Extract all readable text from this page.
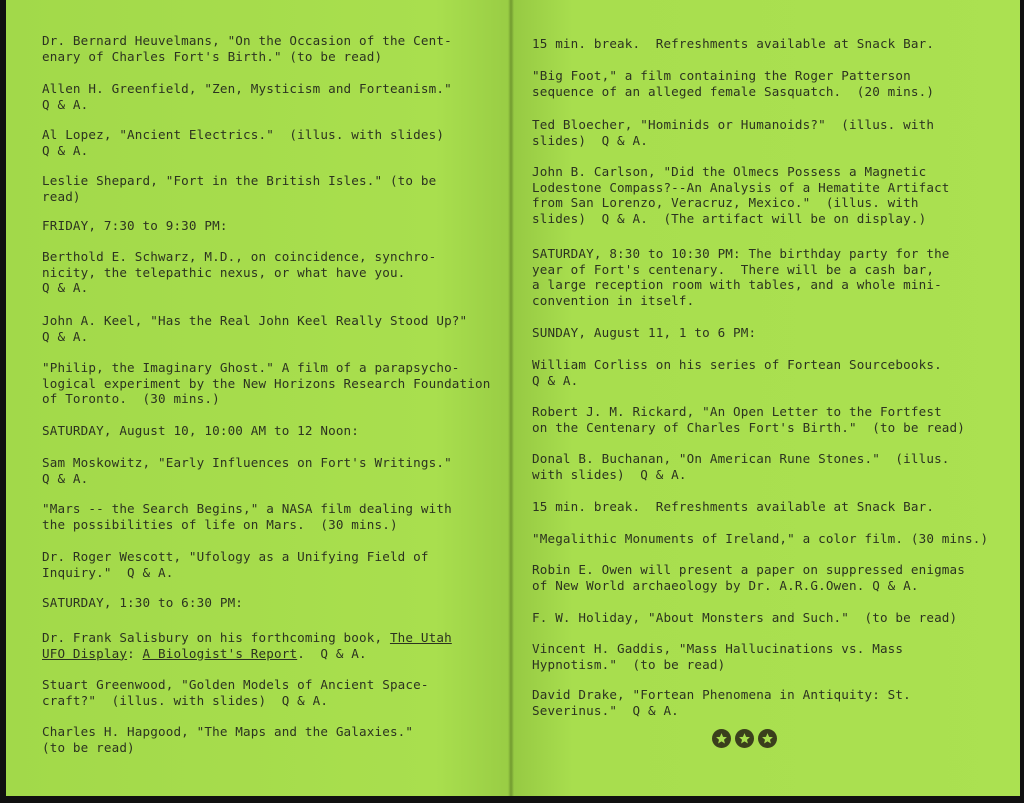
Dr. Bernard Heuvelmans, "On the Occasion of the Cent-
enary of Charles Fort's Birth." (to be read)

Allen H. Greenfield, "Zen, Mysticism and Forteanism."
Q & A.

Al Lopez, "Ancient Electrics."  (illus. with slides)
Q & A.

Leslie Shepard, "Fort in the British Isles." (to be
read)

FRIDAY, 7:30 to 9:30 PM:

Berthold E. Schwarz, M.D., on coincidence, synchro-
nicity, the telepathic nexus, or what have you.
Q & A.

John A. Keel, "Has the Real John Keel Really Stood Up?"
Q & A.

"Philip, the Imaginary Ghost." A film of a parapsycho-
logical experiment by the New Horizons Research Foundation
of Toronto.  (30 mins.)

SATURDAY, August 10, 10:00 AM to 12 Noon:

Sam Moskowitz, "Early Influences on Fort's Writings."
Q & A.

"Mars -- the Search Begins," a NASA film dealing with
the possibilities of life on Mars.  (30 mins.)

Dr. Roger Wescott, "Ufology as a Unifying Field of
Inquiry."  Q & A.

SATURDAY, 1:30 to 6:30 PM:

Dr. Frank Salisbury on his forthcoming book, The Utah
UFO Display: A Biologist's Report.  Q & A.

Stuart Greenwood, "Golden Models of Ancient Space-
craft?"  (illus. with slides)  Q & A.

Charles H. Hapgood, "The Maps and the Galaxies."
(to be read)

15 min. break.  Refreshments available at Snack Bar.

"Big Foot," a film containing the Roger Patterson
sequence of an alleged female Sasquatch.  (20 mins.)

Ted Bloecher, "Hominids or Humanoids?"  (illus. with
slides)  Q & A.

John B. Carlson, "Did the Olmecs Possess a Magnetic
Lodestone Compass?--An Analysis of a Hematite Artifact
from San Lorenzo, Veracruz, Mexico."  (illus. with
slides)  Q & A.  (The artifact will be on display.)

SATURDAY, 8:30 to 10:30 PM: The birthday party for the
year of Fort's centenary.  There will be a cash bar,
a large reception room with tables, and a whole mini-
convention in itself.

SUNDAY, August 11, 1 to 6 PM:

William Corliss on his series of Fortean Sourcebooks.
Q & A.

Robert J. M. Rickard, "An Open Letter to the Fortfest
on the Centenary of Charles Fort's Birth."  (to be read)

Donal B. Buchanan, "On American Rune Stones."  (illus.
with slides)  Q & A.

15 min. break.  Refreshments available at Snack Bar.

"Megalithic Monuments of Ireland," a color film. (30 mins.)

Robin E. Owen will present a paper on suppressed enigmas
of New World archaeology by Dr. A.R.G.Owen. Q & A.

F. W. Holiday, "About Monsters and Such."  (to be read)

Vincent H. Gaddis, "Mass Hallucinations vs. Mass
Hypnotism."  (to be read)

David Drake, "Fortean Phenomena in Antiquity: St.
Severinus."  Q & A.
